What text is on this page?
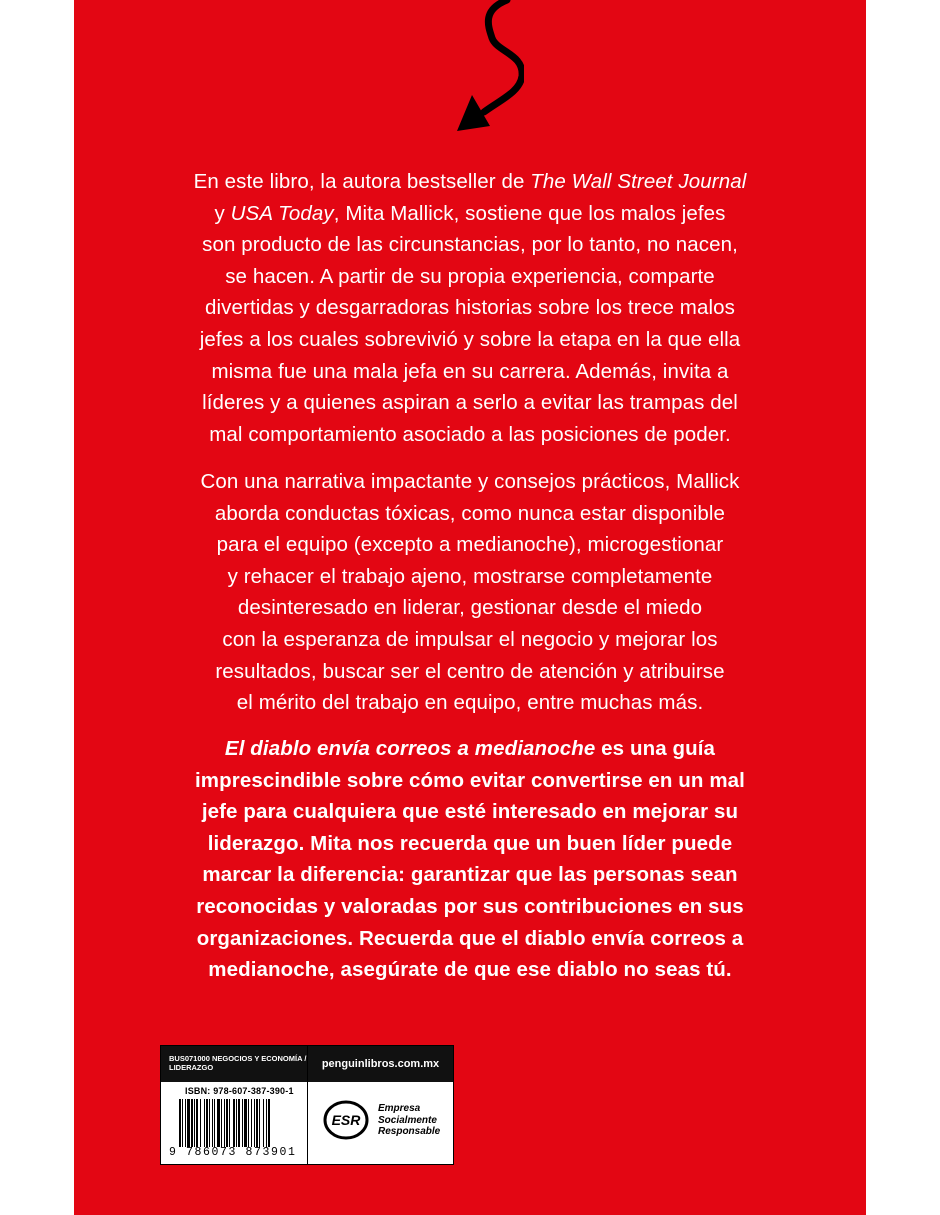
En este libro, la autora bestseller de The Wall Street Journal
y USA Today, Mita Mallick, sostiene que los malos jefes
son producto de las circunstancias, por lo tanto, no nacen,
se hacen. A partir de su propia experiencia, comparte
divertidas y desgarradoras historias sobre los trece malos
jefes a los cuales sobrevivió y sobre la etapa en la que ella
misma fue una mala jefa en su carrera. Además, invita a
líderes y a quienes aspiran a serlo a evitar las trampas del
mal comportamiento asociado a las posiciones de poder.
Con una narrativa impactante y consejos prácticos, Mallick
aborda conductas tóxicas, como nunca estar disponible
para el equipo (excepto a medianoche), microgestionar
y rehacer el trabajo ajeno, mostrarse completamente
desinteresado en liderar, gestionar desde el miedo
con la esperanza de impulsar el negocio y mejorar los
resultados, buscar ser el centro de atención y atribuirse
el mérito del trabajo en equipo, entre muchas más.
El diablo envía correos a medianoche es una guía
imprescindible sobre cómo evitar convertirse en un mal
jefe para cualquiera que esté interesado en mejorar su
liderazgo. Mita nos recuerda que un buen líder puede
marcar la diferencia: garantizar que las personas sean
reconocidas y valoradas por sus contribuciones en sus
organizaciones. Recuerda que el diablo envía correos a
medianoche, asegúrate de que ese diablo no seas tú.
BUS071000 NEGOCIOS Y ECONOMÍA /
LIDERAZGO
ISBN: 978-607-387-390-1
9 786073 873901
penguinlibros.com.mx
ESR
Empresa
Socialmente
Responsable
